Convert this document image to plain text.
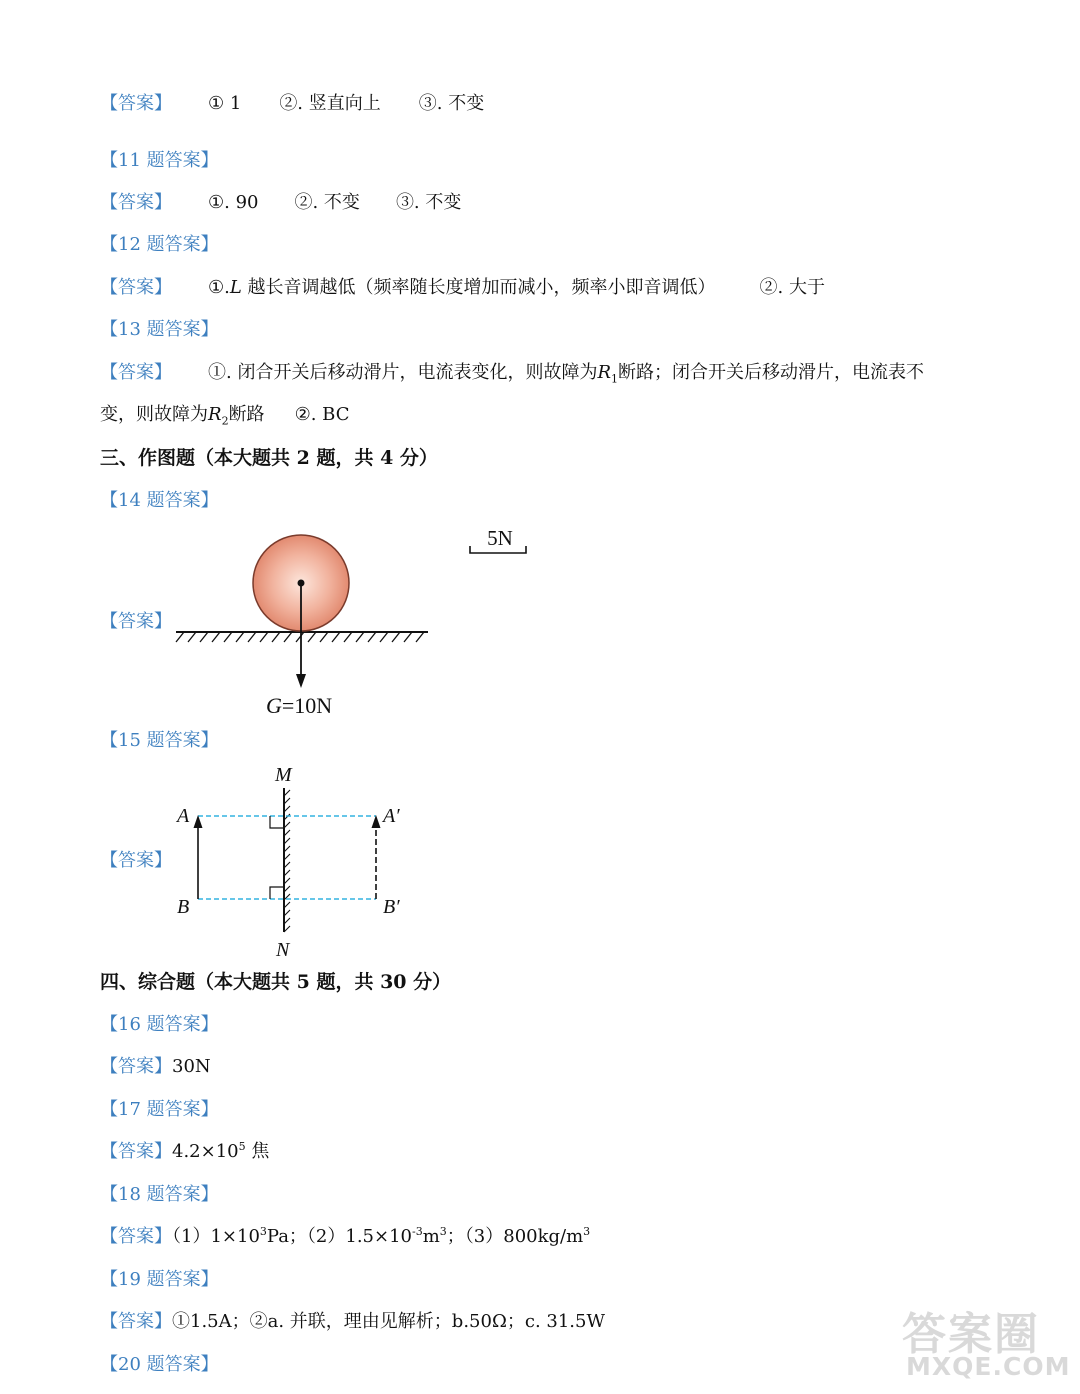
【答案】 ① 1 ②. 竖直向上 ③. 不变
【11 题答案】
【答案】 ①. 90 ②. 不变 ③. 不变
【12 题答案】
【答案】 ①.L 越长音调越低（频率随长度增加而减小，频率小即音调低） ②. 大于
【13 题答案】
【答案】 ①. 闭合开关后移动滑片，电流表变化，则故障为$R_1$断路；闭合开关后移动滑片，电流表不
变，则故障为$R_2$断路 ②. BC
三、作图题（本大题共 2 题，共 4 分）
【14 题答案】
【答案】
5N
G=10N
【15 题答案】
【答案】
M
N
A
B
A′
B′
四、综合题（本大题共 5 题，共 30 分）
【16 题答案】
【答案】30N
【17 题答案】
【答案】$4.2\times 10^5$ 焦
【18 题答案】
【答案】$(1)1\times 10^3Pa$；$(2)1.5\times 10^{-3}m^3$；$(3)800kg/m^3$
【19 题答案】
【答案】①1.5A；②a. 并联，理由见解析；b.50Ω；c. 31.5W
【20 题答案】
答案圈
MXQE.COM
